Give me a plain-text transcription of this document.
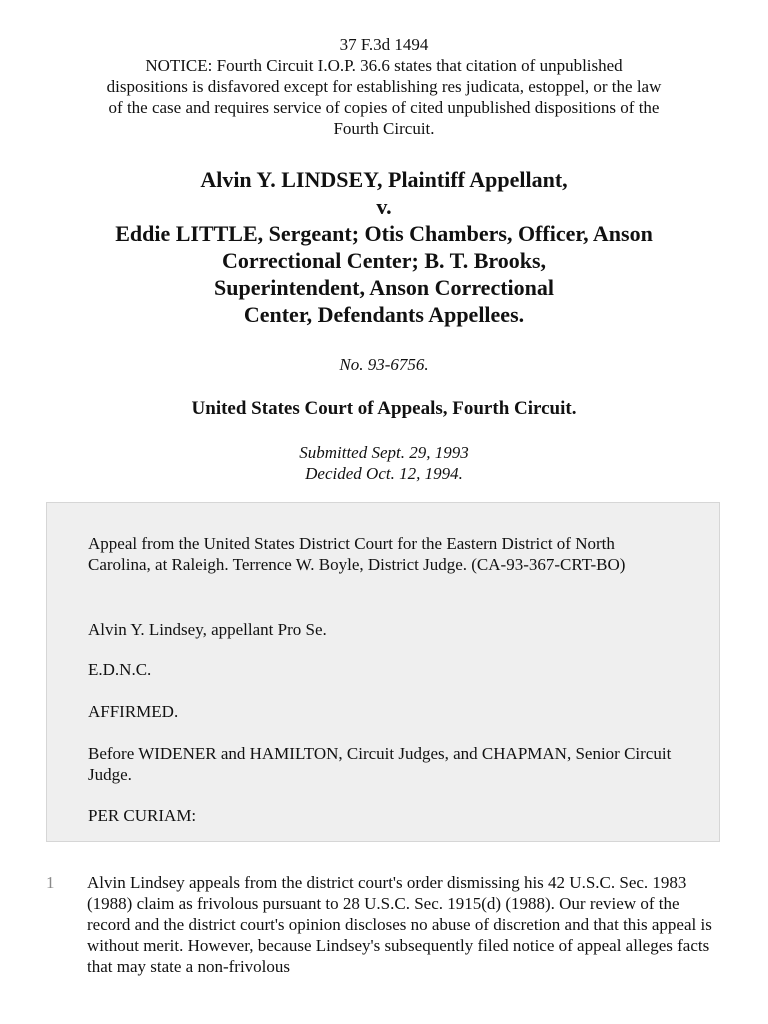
37 F.3d 1494
NOTICE: Fourth Circuit I.O.P. 36.6 states that citation of unpublished
dispositions is disfavored except for establishing res judicata, estoppel, or the law
of the case and requires service of copies of cited unpublished dispositions of the
Fourth Circuit.
Alvin Y. LINDSEY, Plaintiff Appellant,
v.
Eddie LITTLE, Sergeant; Otis Chambers, Officer, Anson
Correctional Center; B. T. Brooks,
Superintendent, Anson Correctional
Center, Defendants Appellees.
No. 93-6756.
United States Court of Appeals, Fourth Circuit.
Submitted Sept. 29, 1993
Decided Oct. 12, 1994.

Appeal from the United States District Court for the Eastern District of North Carolina, at Raleigh. Terrence W. Boyle, District Judge. (CA-93-367-CRT-BO)

Alvin Y. Lindsey, appellant Pro Se.

E.D.N.C.

AFFIRMED.

Before WIDENER and HAMILTON, Circuit Judges, and CHAPMAN, Senior Circuit Judge.

PER CURIAM:

1 Alvin Lindsey appeals from the district court's order dismissing his 42 U.S.C. Sec. 1983 (1988) claim as frivolous pursuant to 28 U.S.C. Sec. 1915(d) (1988). Our review of the record and the district court's opinion discloses no abuse of discretion and that this appeal is without merit. However, because Lindsey's subsequently filed notice of appeal alleges facts that may state a non-frivolous
